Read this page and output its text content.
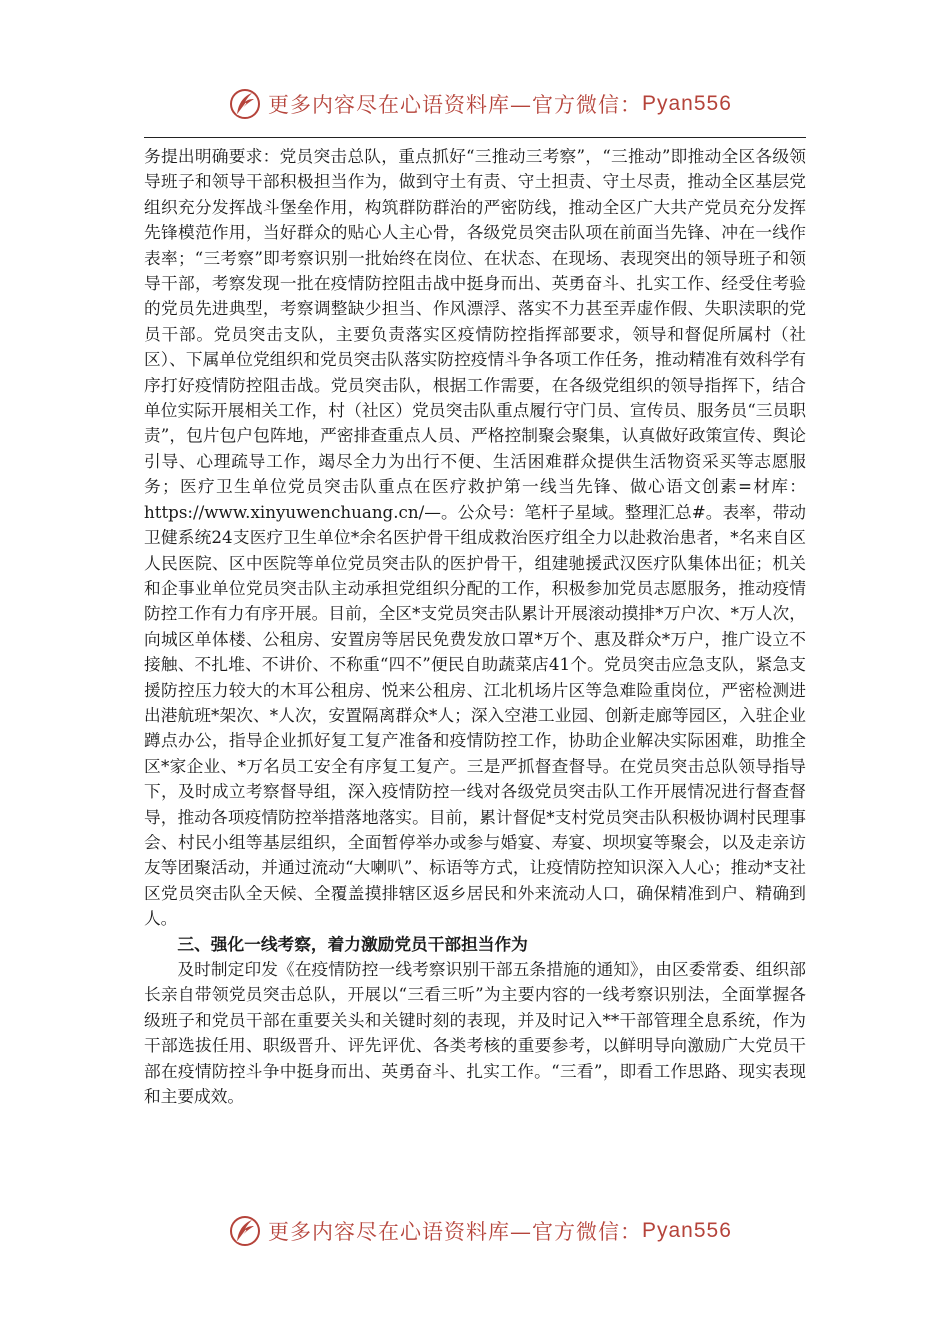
更多内容尽在心语资料库—官方微信： Pyan556

务提出明确要求：党员突击总队，重点抓好“三推动三考察”，“三推动”即推动全区各级领导班子和领导干部积极担当作为，做到守土有责、守土担责、守土尽责，推动全区基层党组织充分发挥战斗堡垒作用，构筑群防群治的严密防线，推动全区广大共产党员充分发挥先锋模范作用，当好群众的贴心人主心骨，各级党员突击队项在前面当先锋、冲在一线作表率；“三考察”即考察识别一批始终在岗位、在状态、在现场、表现突出的领导班子和领导干部，考察发现一批在疫情防控阻击战中挺身而出、英勇奋斗、扎实工作、经受住考验的党员先进典型，考察调整缺少担当、作风漂浮、落实不力甚至弄虚作假、失职渎职的党员干部。党员突击支队，主要负责落实区疫情防控指挥部要求，领导和督促所属村（社区）、下属单位党组织和党员突击队落实防控疫情斗争各项工作任务，推动精准有效科学有序打好疫情防控阻击战。党员突击队，根据工作需要，在各级党组织的领导指挥下，结合单位实际开展相关工作，村（社区）党员突击队重点履行守门员、宣传员、服务员“三员职责”，包片包户包阵地，严密排查重点人员、严格控制聚会聚集，认真做好政策宣传、舆论引导、心理疏导工作，竭尽全力为出行不便、生活困难群众提供生活物资采买等志愿服务；医疗卫生单位党员突击队重点在医疗救护第一线当先锋、做心语文创素=材库：https://www.xinyuwenchuang.cn/—。公众号：笔杆子星域。整理汇总#。表率，带动卫健系统24支医疗卫生单位*余名医护骨干组成救治医疗组全力以赴救治患者，*名来自区人民医院、区中医院等单位党员突击队的医护骨干，组建驰援武汉医疗队集体出征；机关和企事业单位党员突击队主动承担党组织分配的工作，积极参加党员志愿服务，推动疫情防控工作有力有序开展。目前，全区*支党员突击队累计开展滚动摸排*万户次、*万人次，向城区单体楼、公租房、安置房等居民免费发放口罩*万个、惠及群众*万户，推广设立不接触、不扎堆、不讲价、不称重“四不”便民自助蔬菜店41个。党员突击应急支队，紧急支援防控压力较大的木耳公租房、悦来公租房、江北机场片区等急难险重岗位，严密检测进出港航班*架次、*人次，安置隔离群众*人；深入空港工业园、创新走廊等园区，入驻企业蹲点办公，指导企业抓好复工复产准备和疫情防控工作，协助企业解决实际困难，助推全区*家企业、*万名员工安全有序复工复产。三是严抓督查督导。在党员突击总队领导指导下，及时成立考察督导组，深入疫情防控一线对各级党员突击队工作开展情况进行督查督导，推动各项疫情防控举措落地落实。目前，累计督促*支村党员突击队积极协调村民理事会、村民小组等基层组织，全面暂停举办或参与婚宴、寿宴、坝坝宴等聚会，以及走亲访友等团聚活动，并通过流动“大喇叭”、标语等方式，让疫情防控知识深入人心；推动*支社区党员突击队全天候、全覆盖摸排辖区返乡居民和外来流动人口，确保精准到户、精确到人。

三、强化一线考察，着力激励党员干部担当作为

及时制定印发《在疫情防控一线考察识别干部五条措施的通知》，由区委常委、组织部长亲自带领党员突击总队，开展以“三看三听”为主要内容的一线考察识别法，全面掌握各级班子和党员干部在重要关头和关键时刻的表现，并及时记入**干部管理全息系统，作为干部选拔任用、职级晋升、评先评优、各类考核的重要参考，以鲜明导向激励广大党员干部在疫情防控斗争中挺身而出、英勇奋斗、扎实工作。“三看”，即看工作思路、现实表现和主要成效。

更多内容尽在心语资料库—官方微信： Pyan556
